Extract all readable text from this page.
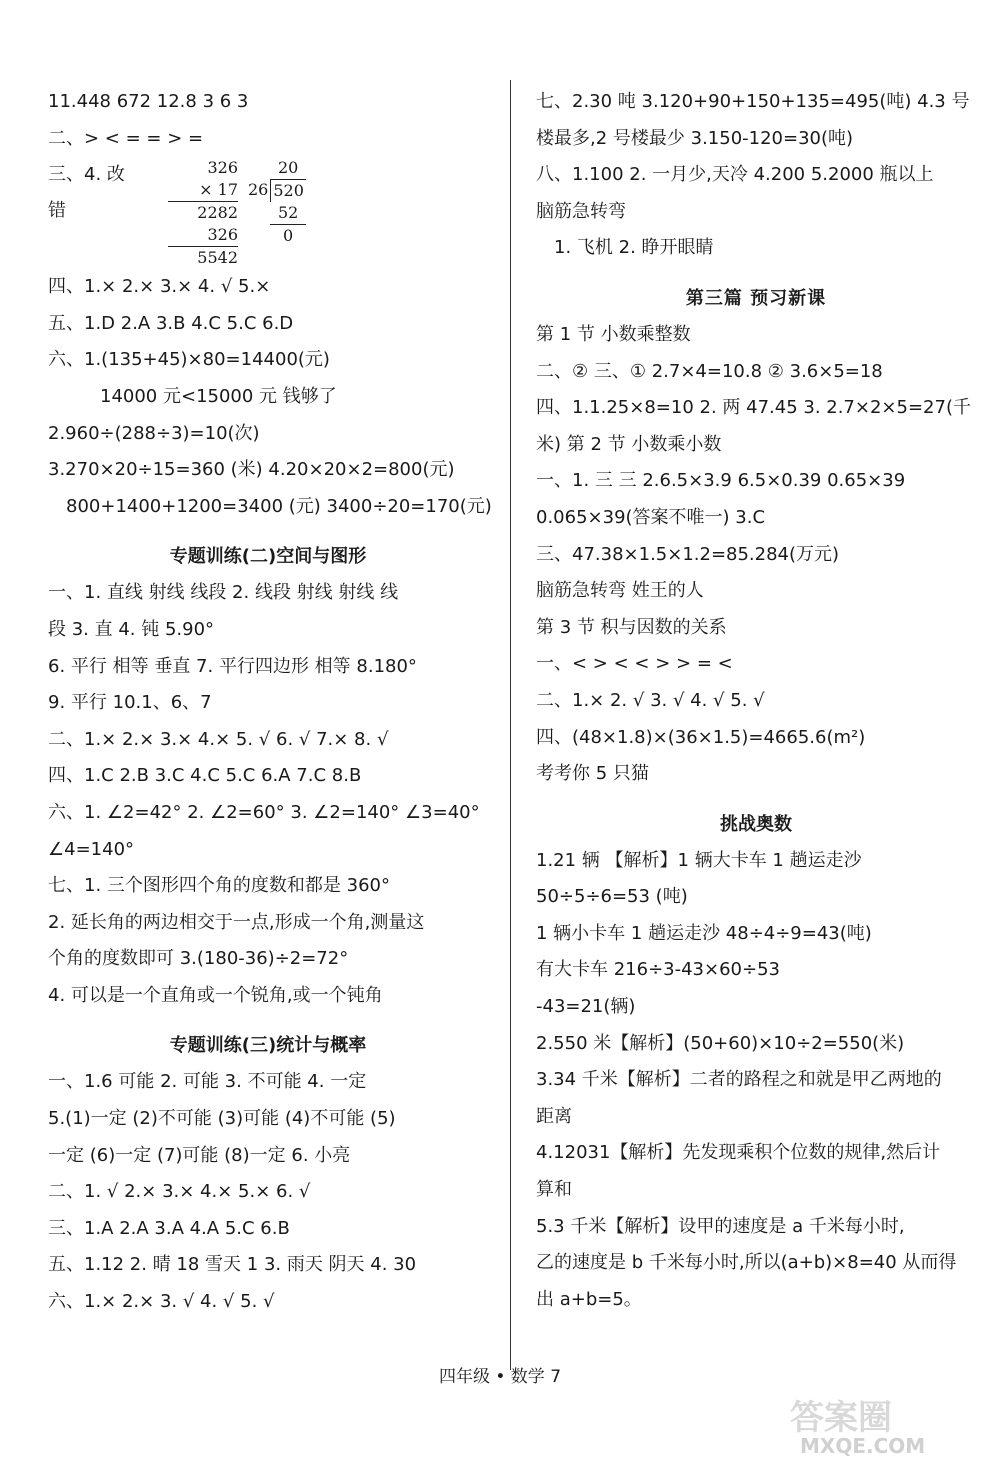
11.448 672 12.8 3 6 3
二、> < = = > =
三、4. 改错
326
× 17
2282
326
5542
26
20
520
52
0
四、1.× 2.× 3.× 4. √ 5.×
五、1.D 2.A 3.B 4.C 5.C 6.D
六、1.(135+45)×80=14400(元)
14000 元<15000 元 钱够了
2.960÷(288÷3)=10(次)
3.270×20÷15=360 (米) 4.20×20×2=800(元)
800+1400+1200=3400 (元) 3400÷20=170(元)
专题训练(二)空间与图形
一、1. 直线 射线 线段 2. 线段 射线 射线 线
段 3. 直 4. 钝 5.90°
6. 平行 相等 垂直 7. 平行四边形 相等 8.180°
9. 平行 10.1、6、7
二、1.× 2.× 3.× 4.× 5. √ 6. √ 7.× 8. √
四、1.C 2.B 3.C 4.C 5.C 6.A 7.C 8.B
六、1. ∠2=42° 2. ∠2=60° 3. ∠2=140° ∠3=40°
∠4=140°
七、1. 三个图形四个角的度数和都是 360°
2. 延长角的两边相交于一点,形成一个角,测量这
个角的度数即可 3.(180-36)÷2=72°
4. 可以是一个直角或一个锐角,或一个钝角
专题训练(三)统计与概率
一、1.6 可能 2. 可能 3. 不可能 4. 一定
5.(1)一定 (2)不可能 (3)可能 (4)不可能 (5)
一定 (6)一定 (7)可能 (8)一定 6. 小亮
二、1. √ 2.× 3.× 4.× 5.× 6. √
三、1.A 2.A 3.A 4.A 5.C 6.B
五、1.12 2. 晴 18 雪天 1 3. 雨天 阴天 4. 30
六、1.× 2.× 3. √ 4. √ 5. √
七、2.30 吨 3.120+90+150+135=495(吨) 4.3 号
楼最多,2 号楼最少 3.150-120=30(吨)
八、1.100 2. 一月少,天冷 4.200 5.2000 瓶以上
脑筋急转弯
1. 飞机 2. 睁开眼睛
第三篇 预习新课
第 1 节 小数乘整数
二、② 三、① 2.7×4=10.8 ② 3.6×5=18
四、1.1.25×8=10 2. 两 47.45 3. 2.7×2×5=27(千
米) 第 2 节 小数乘小数
一、1. 三 三 2.6.5×3.9 6.5×0.39 0.65×39
0.065×39(答案不唯一) 3.C
三、47.38×1.5×1.2=85.284(万元)
脑筋急转弯 姓王的人
第 3 节 积与因数的关系
一、< > < < > > = <
二、1.× 2. √ 3. √ 4. √ 5. √
四、(48×1.8)×(36×1.5)=4665.6(m²)
考考你 5 只猫
挑战奥数
1.21 辆 【解析】1 辆大卡车 1 趟运走沙
50÷5÷6=53 (吨)
1 辆小卡车 1 趟运走沙 48÷4÷9=43(吨)
有大卡车 216÷3-43×60÷53
-43=21(辆)
2.550 米【解析】(50+60)×10÷2=550(米)
3.34 千米【解析】二者的路程之和就是甲乙两地的
距离
4.12031【解析】先发现乘积个位数的规律,然后计
算和
5.3 千米【解析】设甲的速度是 a 千米每小时,
乙的速度是 b 千米每小时,所以(a+b)×8=40 从而得
出 a+b=5。
四年级 • 数学 7
答案圈
MXQE.COM
